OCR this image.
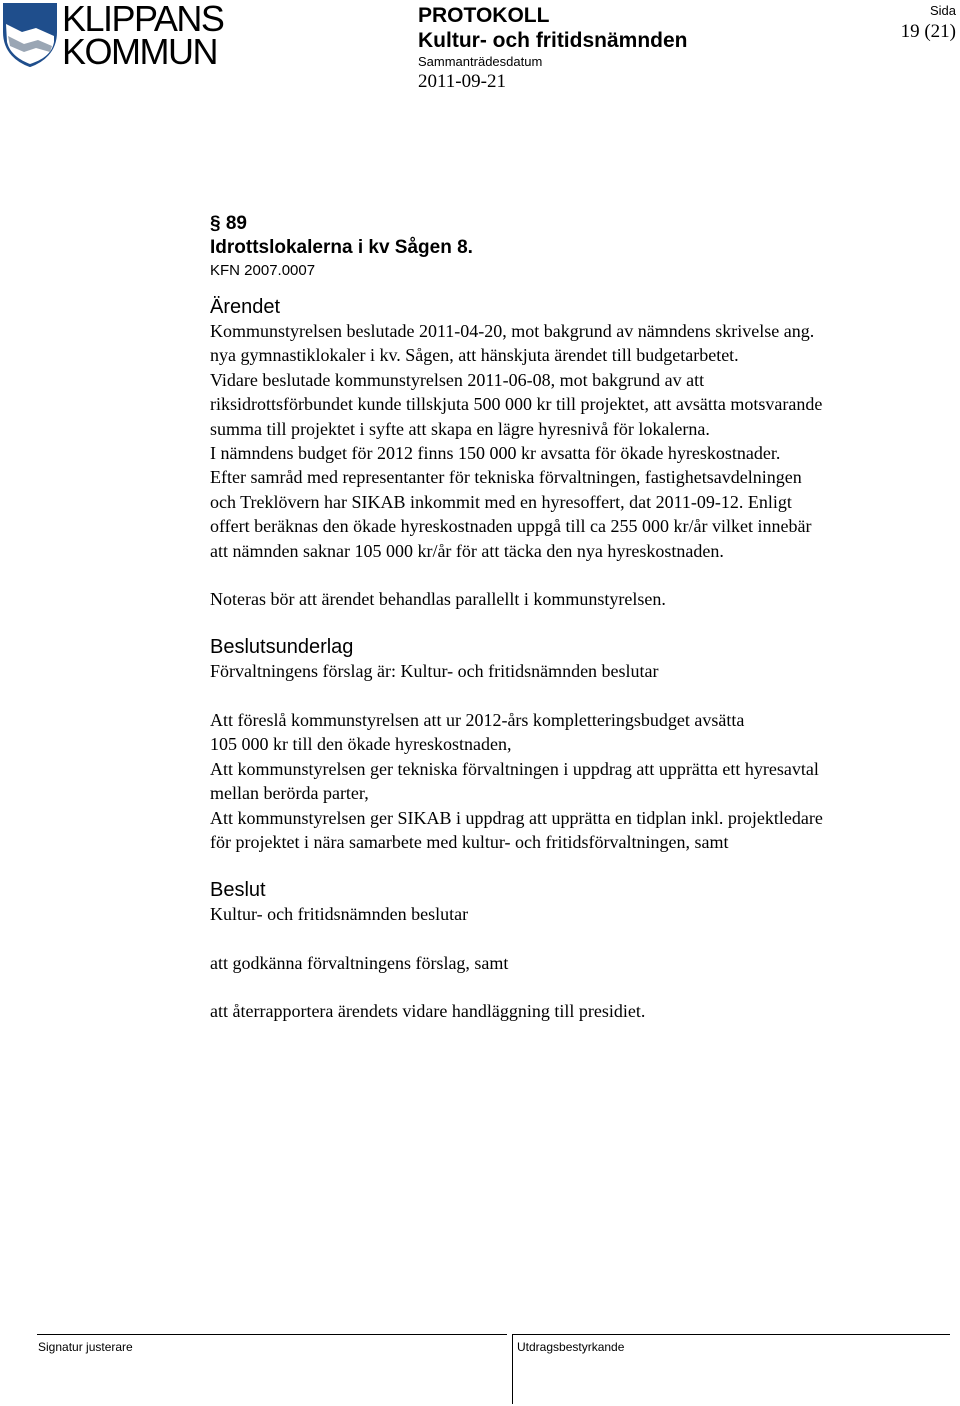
KLIPPANS
KOMMUN
PROTOKOLL
Kultur- och fritidsnämnden
Sammanträdesdatum
2011-09-21
Sida
19 (21)
§ 89
Idrottslokalerna i kv Sågen 8.
KFN 2007.0007
Ärendet

Kommunstyrelsen beslutade 2011-04-20, mot bakgrund av nämndens skrivelse ang.

nya gymnastiklokaler i kv. Sågen, att hänskjuta ärendet till budgetarbetet.

Vidare beslutade kommunstyrelsen 2011-06-08, mot bakgrund av att

riksidrottsförbundet kunde tillskjuta 500 000 kr till projektet, att avsätta motsvarande

summa till projektet i syfte att skapa en lägre hyresnivå för lokalerna.

I nämndens budget för 2012 finns 150 000 kr avsatta för ökade hyreskostnader.

Efter samråd med representanter för tekniska förvaltningen, fastighetsavdelningen

och Treklövern har SIKAB inkommit med en hyresoffert, dat 2011-09-12. Enligt

offert beräknas den ökade hyreskostnaden uppgå till ca 255 000 kr/år vilket innebär

att nämnden saknar 105 000 kr/år för att täcka den nya hyreskostnaden.

Noteras bör att ärendet behandlas parallellt i kommunstyrelsen.

Beslutsunderlag

Förvaltningens förslag är: Kultur- och fritidsnämnden beslutar

Att föreslå kommunstyrelsen att ur 2012-års kompletteringsbudget avsätta

105 000 kr till den ökade hyreskostnaden,

Att kommunstyrelsen ger tekniska förvaltningen i uppdrag att upprätta ett hyresavtal

mellan berörda parter,

Att kommunstyrelsen ger SIKAB i uppdrag att upprätta en tidplan inkl. projektledare

för projektet i nära samarbete med kultur- och fritidsförvaltningen, samt

Beslut

Kultur- och fritidsnämnden beslutar

att godkänna förvaltningens förslag, samt

att återrapportera ärendets vidare handläggning till presidiet.

Signatur justerare	Utdragsbestyrkande
